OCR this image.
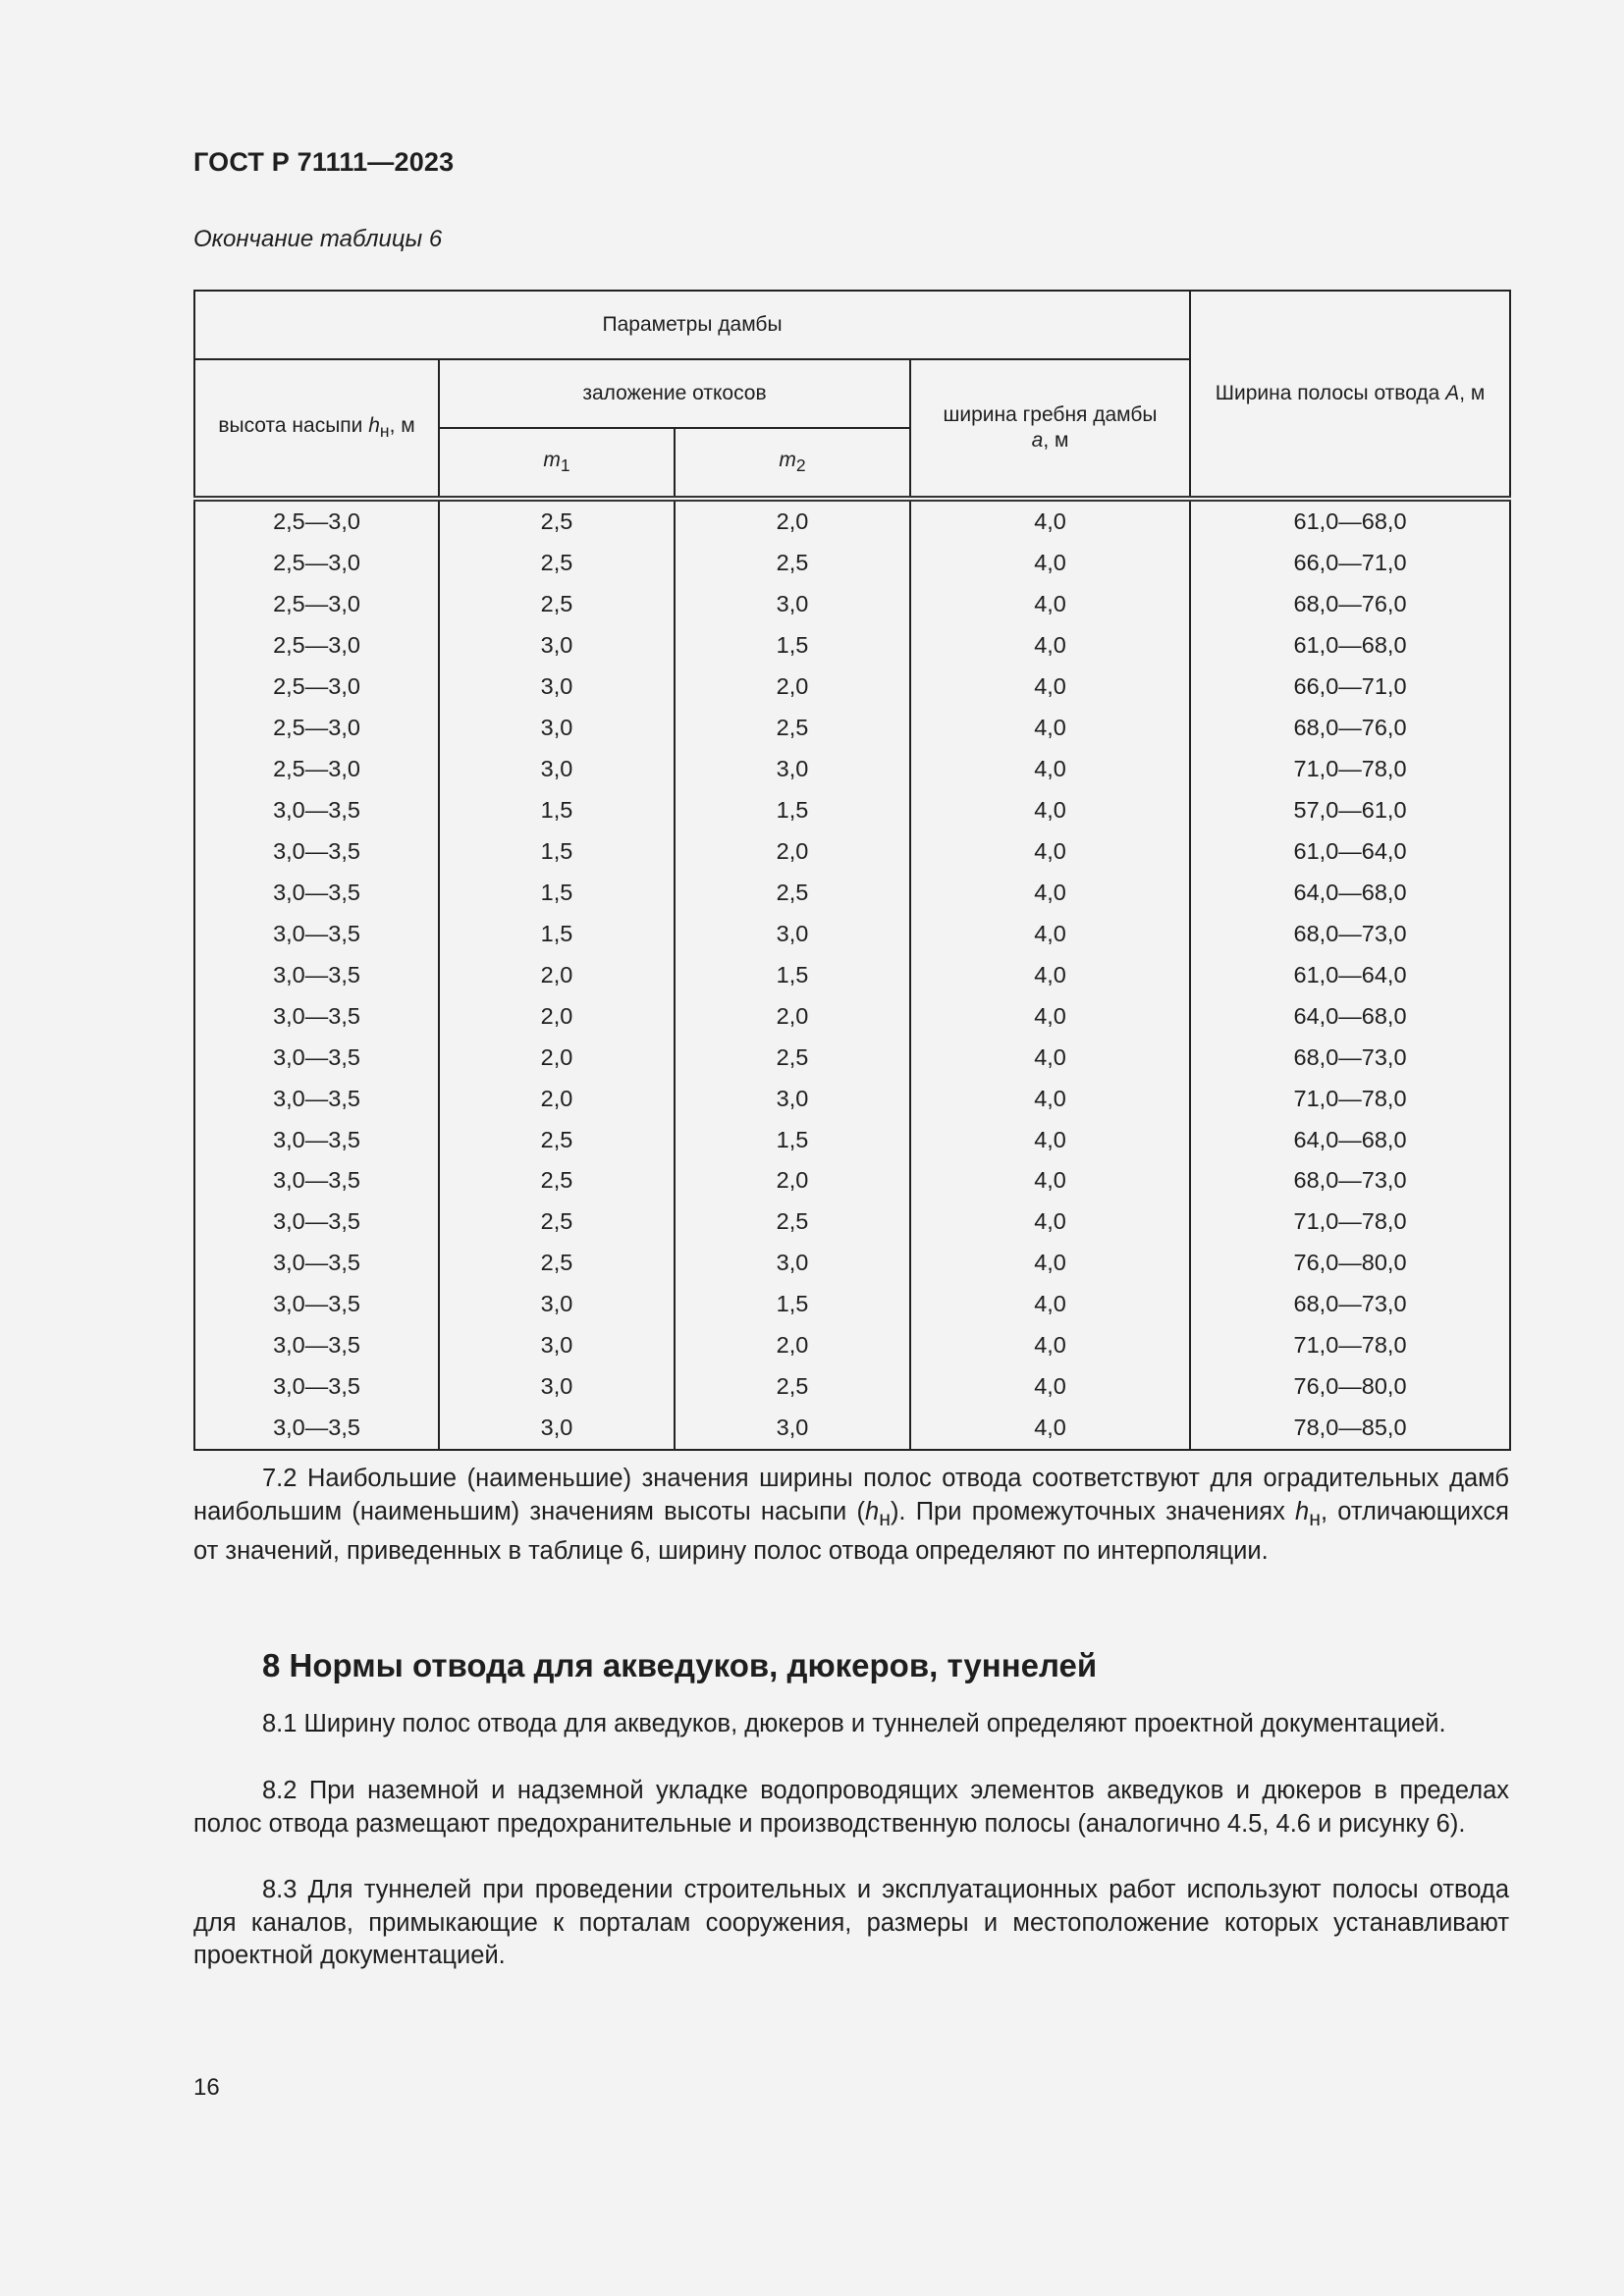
ГОСТ Р 71111—2023
Окончание таблицы 6
Параметры дамбы				Ширина полосы отвода A, м
высота насыпи $h_н$, м	заложение откосов		ширина гребня дамбы
a, м	
	$m_1$	$m_2$
2,5—3,0	2,5	2,0	4,0	61,0—68,0
2,5—3,0	2,5	2,5	4,0	66,0—71,0
2,5—3,0	2,5	3,0	4,0	68,0—76,0
2,5—3,0	3,0	1,5	4,0	61,0—68,0
2,5—3,0	3,0	2,0	4,0	66,0—71,0
2,5—3,0	3,0	2,5	4,0	68,0—76,0
2,5—3,0	3,0	3,0	4,0	71,0—78,0
3,0—3,5	1,5	1,5	4,0	57,0—61,0
3,0—3,5	1,5	2,0	4,0	61,0—64,0
3,0—3,5	1,5	2,5	4,0	64,0—68,0
3,0—3,5	1,5	3,0	4,0	68,0—73,0
3,0—3,5	2,0	1,5	4,0	61,0—64,0
3,0—3,5	2,0	2,0	4,0	64,0—68,0
3,0—3,5	2,0	2,5	4,0	68,0—73,0
3,0—3,5	2,0	3,0	4,0	71,0—78,0
3,0—3,5	2,5	1,5	4,0	64,0—68,0
3,0—3,5	2,5	2,0	4,0	68,0—73,0
3,0—3,5	2,5	2,5	4,0	71,0—78,0
3,0—3,5	2,5	3,0	4,0	76,0—80,0
3,0—3,5	3,0	1,5	4,0	68,0—73,0
3,0—3,5	3,0	2,0	4,0	71,0—78,0
3,0—3,5	3,0	2,5	4,0	76,0—80,0
3,0—3,5	3,0	3,0	4,0	78,0—85,0

7.2 Наибольшие (наименьшие) значения ширины полос отвода соответствуют для оградительных дамб наибольшим (наименьшим) значениям высоты насыпи $(h_н)$. При промежуточных значениях $h_н$, отличающихся от значений, приведенных в таблице 6, ширину полос отвода определяют по интерполяции.

8 Нормы отвода для акведуков, дюкеров, туннелей

8.1 Ширину полос отвода для акведуков, дюкеров и туннелей определяют проектной документацией.

8.2 При наземной и надземной укладке водопроводящих элементов акведуков и дюкеров в пределах полос отвода размещают предохранительные и производственную полосы (аналогично 4.5, 4.6 и рисунку 6).

8.3 Для туннелей при проведении строительных и эксплуатационных работ используют полосы отвода для каналов, примыкающие к порталам сооружения, размеры и местоположение которых устанавливают проектной документацией.

16
